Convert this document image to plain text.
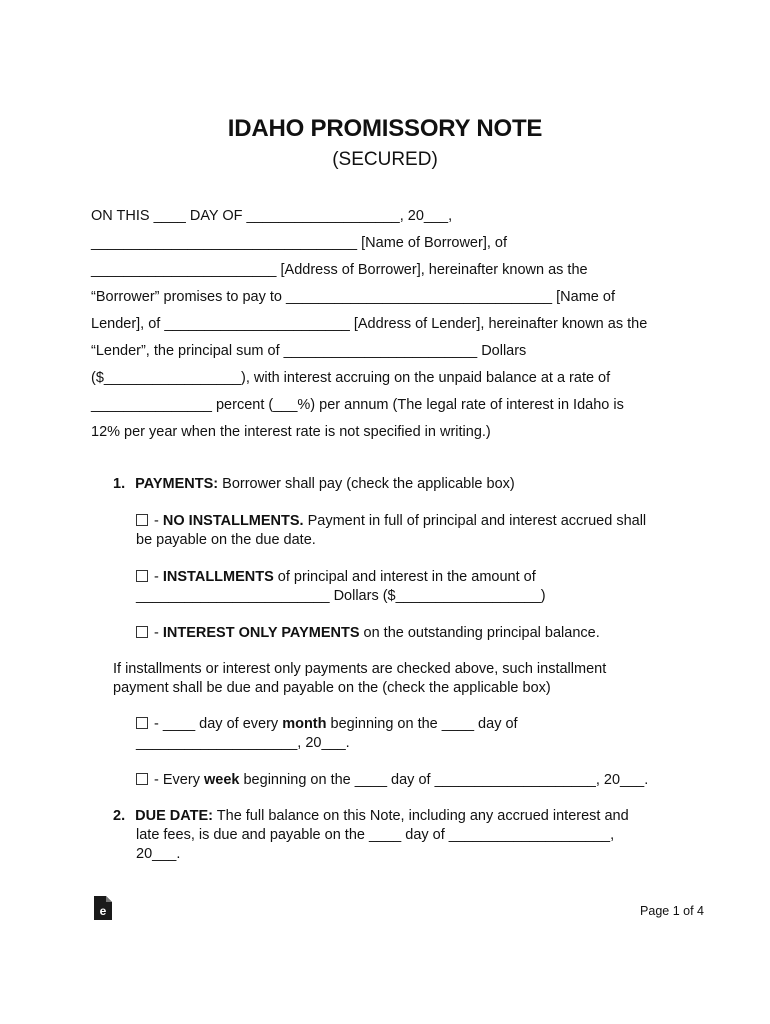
IDAHO PROMISSORY NOTE
(SECURED)
ON THIS ____ DAY OF ___________________, 20___,
_________________________________ [Name of Borrower], of
_______________________ [Address of Borrower], hereinafter known as the
“Borrower” promises to pay to _________________________________ [Name of
Lender], of _______________________ [Address of Lender], hereinafter known as the
“Lender”, the principal sum of ________________________ Dollars
($_________________), with interest accruing on the unpaid balance at a rate of
_______________ percent (___%) per annum (The legal rate of interest in Idaho is
12% per year when the interest rate is not specified in writing.)
1. PAYMENTS: Borrower shall pay (check the applicable box)
- NO INSTALLMENTS. Payment in full of principal and interest accrued shall
be payable on the due date.
- INSTALLMENTS of principal and interest in the amount of
________________________ Dollars ($__________________)
- INTEREST ONLY PAYMENTS on the outstanding principal balance.
If installments or interest only payments are checked above, such installment
payment shall be due and payable on the (check the applicable box)
- ____ day of every month beginning on the ____ day of
____________________, 20___.
- Every week beginning on the ____ day of ____________________, 20___.
2. DUE DATE: The full balance on this Note, including any accrued interest and
late fees, is due and payable on the ____ day of ____________________,
20___.
e	Page 1 of 4
